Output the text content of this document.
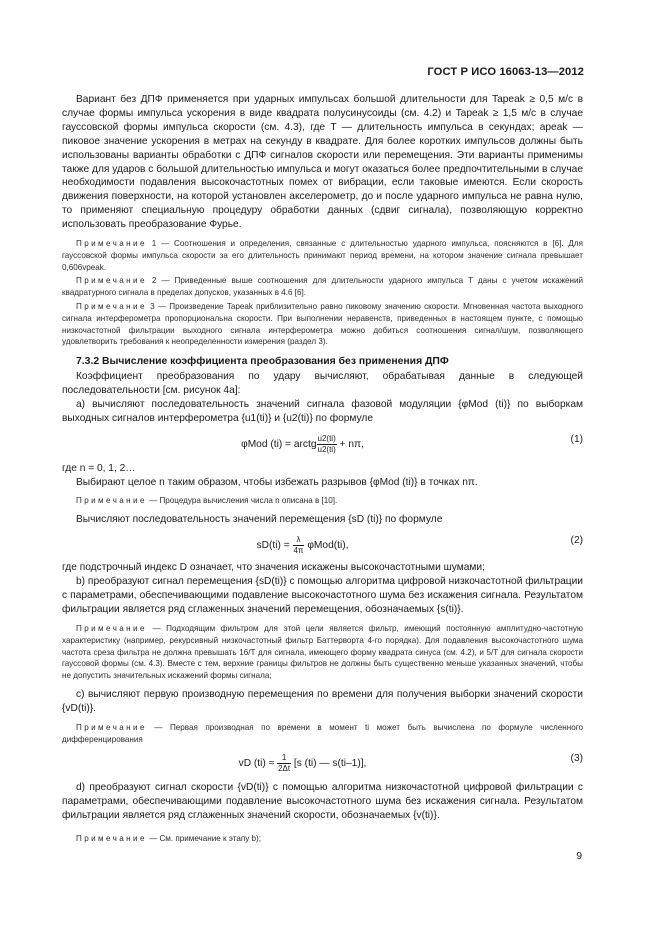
ГОСТ Р ИСО 16063-13—2012

Вариант без ДПФ применяется при ударных импульсах большой длительности для Tapeak ≥ 0,5 м/с в случае формы импульса ускорения в виде квадрата полусинусоиды (см. 4.2) и Tapeak ≥ 1,5 м/с в случае гауссовской формы импульса скорости (см. 4.3), где T — длительность импульса в секундах; apeak — пиковое значение ускорения в метрах на секунду в квадрате. Для более коротких импульсов должны быть использованы варианты обработки с ДПФ сигналов скорости или перемещения. Эти варианты применимы также для ударов с большой длительностью импульса и могут оказаться более предпочтительными в случае необходимости подавления высокочастотных помех от вибрации, если таковые имеются. Если скорость движения поверхности, на которой установлен акселерометр, до и после ударного импульса не равна нулю, то применяют специальную процедуру обработки данных (сдвиг сигнала), позволяющую корректно использовать преобразование Фурье.

Примечание 1 — Соотношения и определения, связанные с длительностью ударного импульса, поясняются в [6]. Для гауссовской формы импульса скорости за его длительность принимают период времени, на котором значение сигнала превышает 0,606vpeak.

Примечание 2 — Приведенные выше соотношения для длительности ударного импульса T даны с учетом искажений квадратурного сигнала в пределах допусков, указанных в 4.6 [6].

Примечание 3 — Произведение Tapeak приблизительно равно пиковому значению скорости. Мгновенная частота выходного сигнала интерферометра пропорциональна скорости. При выполнении неравенств, приведенных в настоящем пункте, с помощью низкочастотной фильтрации выходного сигнала интерферометра можно добиться соотношения сигнал/шум, позволяющего удовлетворить требования к неопределенности измерения (раздел 3).

7.3.2 Вычисление коэффициента преобразования без применения ДПФ

Коэффициент преобразования по удару вычисляют, обрабатывая данные в следующей последовательности [см. рисунок 4а]:

a) вычисляют последовательность значений сигнала фазовой модуляции {φMod (ti)} по выборкам выходных сигналов интерферометра {u1(ti)} и {u2(ti)} по формуле

φMod (ti) = arctg $\frac{u2(ti)}{u2(ti)} + n\pi$,	(1)

где n = 0, 1, 2…

Выбирают целое n таким образом, чтобы избежать разрывов {φMod (ti)} в точках nπ.

Примечание — Процедура вычисления числа n описана в [10].

Вычисляют последовательность значений перемещения {sD (ti)} по формуле

$sD(ti) = \frac{\lambda}{4\pi} \varphi Mod(ti)$,	(2)

где подстрочный индекс D означает, что значения искажены высокочастотными шумами;

b) преобразуют сигнал перемещения {sD(ti)} с помощью алгоритма цифровой низкочастотной фильтрации с параметрами, обеспечивающими подавление высокочастотного шума без искажения сигнала. Результатом фильтрации является ряд сглаженных значений перемещения, обозначаемых {s(ti)}.

Примечание — Подходящим фильтром для этой цели является фильтр, имеющий постоянную амплитудно-частотную характеристику (например, рекурсивный низкочастотный фильтр Баттерворта 4-го порядка). Для подавления высокочастотного шума частота среза фильтра не должна превышать 16/T для сигнала, имеющего форму квадрата синуса (см. 4.2), и 5/T для сигнала скорости гауссовой формы (см. 4.3). Вместе с тем, верхние границы фильтров не должны быть существенно меньше указанных значений, чтобы не допустить значительных искажений формы сигнала;

c) вычисляют первую производную перемещения по времени для получения выборки значений скорости {vD(ti)}.

Примечание — Первая производная по времени в момент ti может быть вычислена по формуле численного дифференцирования

vD $(ti) \approx \frac{1}{2\Delta t} [s$ (ti) — s(ti–1)],	(3)

d) преобразуют сигнал скорости {vD(ti)} с помощью алгоритма низкочастотной цифровой фильтрации с параметрами, обеспечивающими подавление высокочастотного шума без искажения сигнала. Результатом фильтрации является ряд сглаженных значений скорости, обозначаемых {v(ti)}.

Примечание — См. примечание к этапу b);

9
